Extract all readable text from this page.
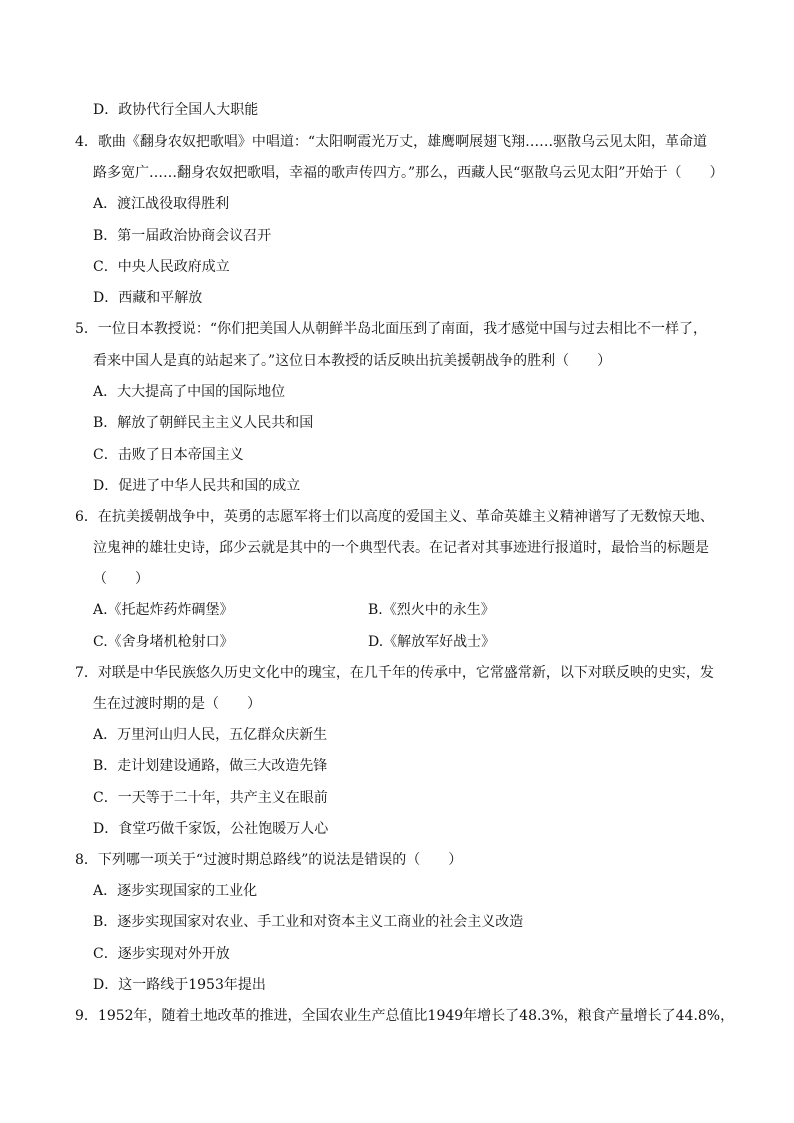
D．政协代行全国人大职能
4．歌曲《翻身农奴把歌唱》中唱道：“太阳啊霞光万丈，雄鹰啊展翅飞翔……驱散乌云见太阳，革命道
路多宽广……翻身农奴把歌唱，幸福的歌声传四方。”那么，西藏人民“驱散乌云见太阳”开始于（　　）
A．渡江战役取得胜利
B．第一届政治协商会议召开
C．中央人民政府成立
D．西藏和平解放
5．一位日本教授说：“你们把美国人从朝鲜半岛北面压到了南面，我才感觉中国与过去相比不一样了，
看来中国人是真的站起来了。”这位日本教授的话反映出抗美援朝战争的胜利（　　）
A．大大提高了中国的国际地位
B．解放了朝鲜民主主义人民共和国
C．击败了日本帝国主义
D．促进了中华人民共和国的成立
6．在抗美援朝战争中，英勇的志愿军将士们以高度的爱国主义、革命英雄主义精神谱写了无数惊天地、
泣鬼神的雄壮史诗，邱少云就是其中的一个典型代表。在记者对其事迹进行报道时，最恰当的标题是
（　　）
A.《托起炸药炸碉堡》	B.《烈火中的永生》
C.《舍身堵机枪射口》	D.《解放军好战士》
7．对联是中华民族悠久历史文化中的瑰宝，在几千年的传承中，它常盛常新，以下对联反映的史实，发
生在过渡时期的是（　　）
A．万里河山归人民，五亿群众庆新生
B．走计划建设通路，做三大改造先锋
C．一天等于二十年，共产主义在眼前
D．食堂巧做千家饭，公社饱暖万人心
8．下列哪一项关于“过渡时期总路线”的说法是错误的（　　）
A．逐步实现国家的工业化
B．逐步实现国家对农业、手工业和对资本主义工商业的社会主义改造
C．逐步实现对外开放
D．这一路线于1953年提出
9．1952年，随着土地改革的推进，全国农业生产总值比1949年增长了48.3%，粮食产量增长了44.8%，
